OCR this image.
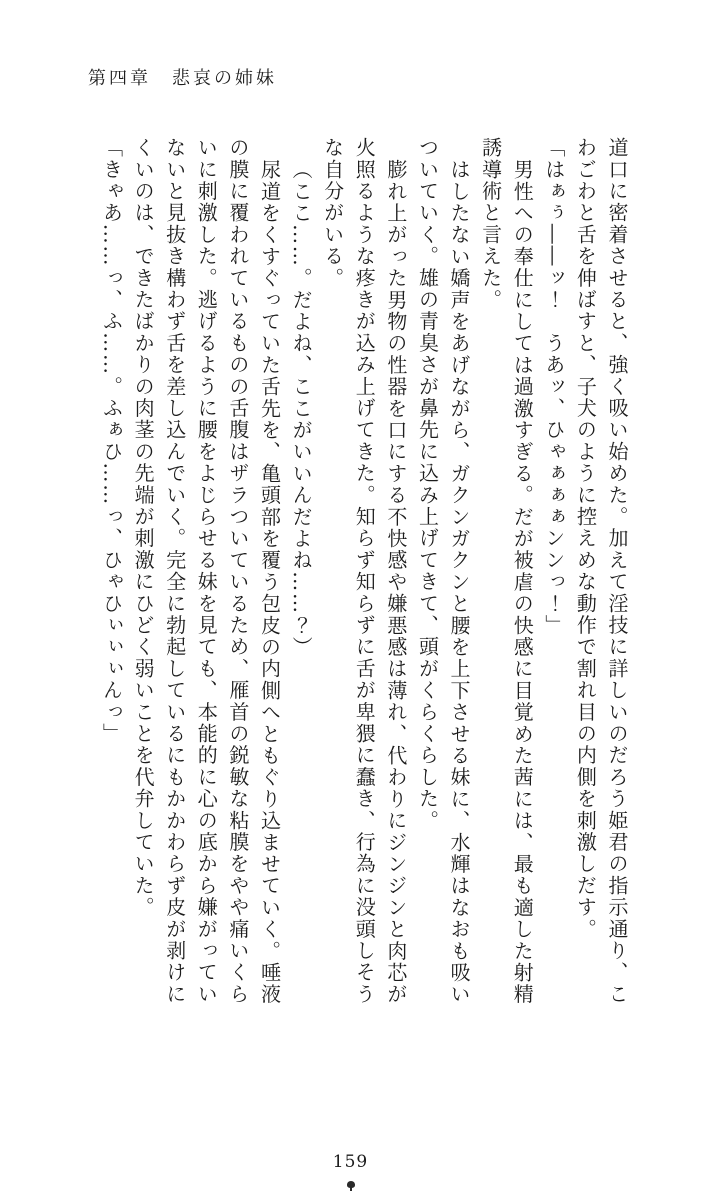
第四章　悲哀の姉妹

道口に密着させると、強く吸い始めた。加えて淫技に詳しいのだろう姫君の指示通り、こわごわと舌を伸ばすと、子犬のように控えめな動作で割れ目の内側を刺激しだす。

「はぁぅ――ッ！　うあッ、ひゃぁぁぁンンっ！」

男性への奉仕にしては過激すぎる。だが被虐の快感に目覚めた茜には、最も適した射精誘導術と言えた。

はしたない嬌声をあげながら、ガクンガクンと腰を上下させる妹に、水輝はなおも吸いついていく。雄の青臭さが鼻先に込み上げてきて、頭がくらくらした。

膨れ上がった男物の性器を口にする不快感や嫌悪感は薄れ、代わりにジンジンと肉芯が火照るような疼きが込み上げてきた。知らず知らずに舌が卑猥に蠢き、行為に没頭しそうな自分がいる。

（ここ……。だよね、ここがいいんだよね……？）

尿道をくすぐっていた舌先を、亀頭部を覆う包皮の内側へともぐり込ませていく。唾液の膜に覆われているものの舌腹はザラついているため、雁首の鋭敏な粘膜をやや痛いくらいに刺激した。逃げるように腰をよじらせる妹を見ても、本能的に心の底から嫌がっていないと見抜き構わず舌を差し込んでいく。完全に勃起しているにもかかわらず皮が剥けにくいのは、できたばかりの肉茎の先端が刺激にひどく弱いことを代弁していた。

「きゃあ……っ、ふ……。ふぁひ……っ、ひゃひぃぃぃんっ」

159
